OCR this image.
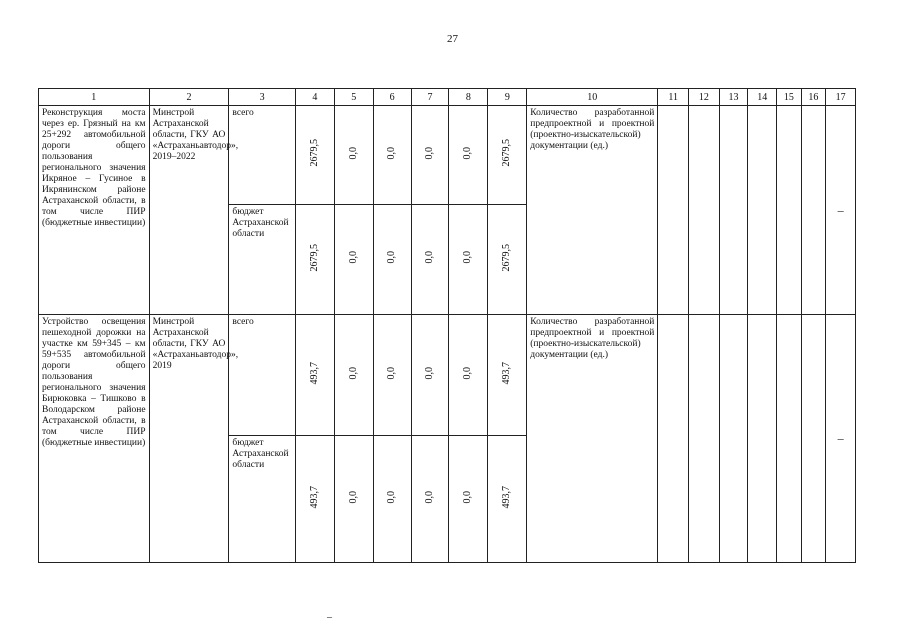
27
1	2	3	4	5	6	7	8	9	10	11	12	13	14	15	16	17

Реконструкция моста через ер. Грязный на км 25+292 автомобильной дороги общего пользования регионального значения Икряное – Гусиное в Икрянинском районе Астраханской области, в том числе ПИР (бюджетные инвестиции)	Минстрой Астраханской области, ГКУ АО «Астраханьавтодор», 2019–2022	всего	2679,5	0,0	0,0	0,0	0,0	2679,5	Количество разработанной предпроектной и проектной (проектно-изыскательской) документации (ед.)							–

		бюджет Астраханской области	2679,5	0,0	0,0	0,0	0,0	2679,5								

Устройство освещения пешеходной дорожки на участке км 59+345 – км 59+535 автомобильной дороги общего пользования регионального значения Бирюковка – Тишково в Володарском районе Астраханской области, в том числе ПИР (бюджетные инвестиции)	Минстрой Астраханской области, ГКУ АО «Астраханьавтодор», 2019	всего	493,7	0,0	0,0	0,0	0,0	493,7	Количество разработанной предпроектной и проектной (проектно-изыскательской) документации (ед.)							–

		бюджет Астраханской области	493,7	0,0	0,0	0,0	0,0	493,7								
–
